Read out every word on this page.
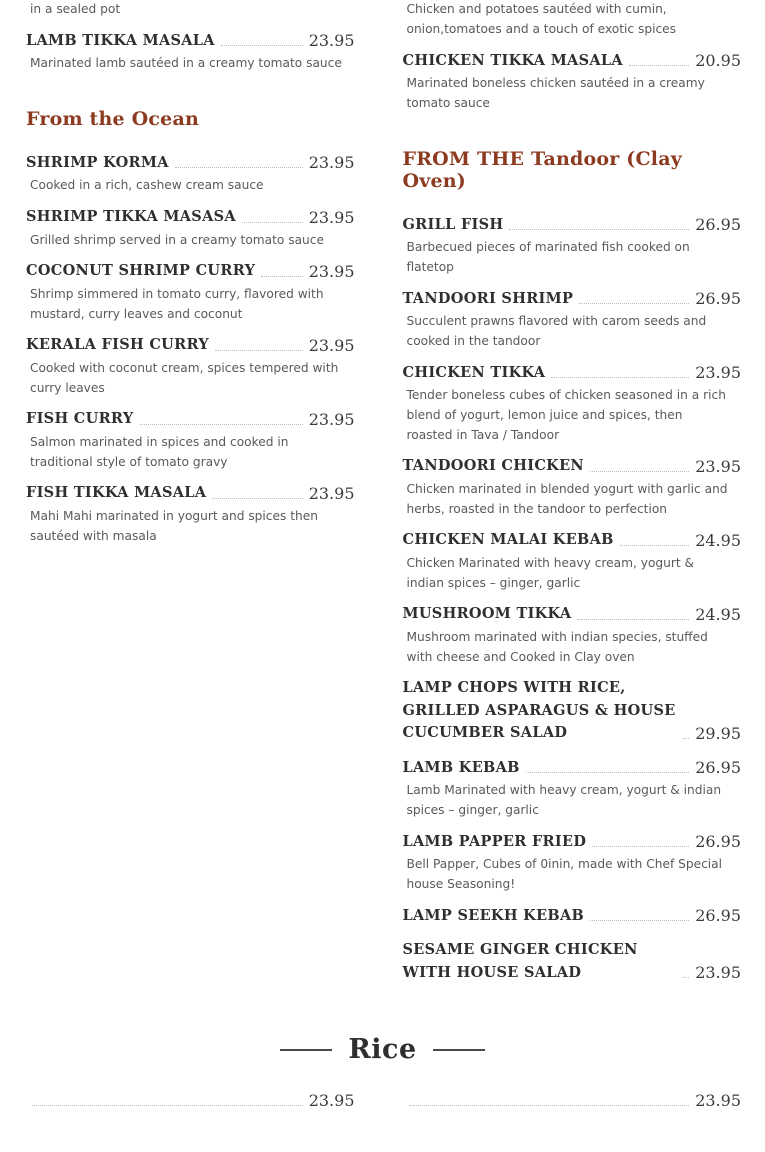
in a sealed pot
LAMB TIKKA MASALA	23.95
Marinated lamb sautéed in a creamy tomato sauce
From the Ocean
SHRIMP KORMA	23.95
Cooked in a rich, cashew cream sauce
SHRIMP TIKKA MASASA	23.95
Grilled shrimp served in a creamy tomato sauce
COCONUT SHRIMP CURRY	23.95
Shrimp simmered in tomato curry, flavored with mustard, curry leaves and coconut
KERALA FISH CURRY	23.95
Cooked with coconut cream, spices tempered with curry leaves
FISH CURRY	23.95
Salmon marinated in spices and cooked in traditional style of tomato gravy
FISH TIKKA MASALA	23.95
Mahi Mahi marinated in yogurt and spices then sautéed with masala
Chicken and potatoes sautéed with cumin, onion,tomatoes and a touch of exotic spices
CHICKEN TIKKA MASALA	20.95
Marinated boneless chicken sautéed in a creamy tomato sauce
FROM THE Tandoor (Clay Oven)
GRILL FISH	26.95
Barbecued pieces of marinated fish cooked on flatetop
TANDOORI SHRIMP	26.95
Succulent prawns flavored with carom seeds and cooked in the tandoor
CHICKEN TIKKA	23.95
Tender boneless cubes of chicken seasoned in a rich blend of yogurt, lemon juice and spices, then roasted in Tava / Tandoor
TANDOORI CHICKEN	23.95
Chicken marinated in blended yogurt with garlic and herbs, roasted in the tandoor to perfection
CHICKEN MALAI KEBAB	24.95
Chicken Marinated with heavy cream, yogurt & indian spices – ginger, garlic
MUSHROOM TIKKA	24.95
Mushroom marinated with indian species, stuffed with cheese and Cooked in Clay oven
LAMP CHOPS WITH RICE, GRILLED ASPARAGUS & HOUSE CUCUMBER SALAD	29.95
LAMB KEBAB	26.95
Lamb Marinated with heavy cream, yogurt & indian spices – ginger, garlic
LAMB PAPPER FRIED	26.95
Bell Papper, Cubes of 0inin, made with Chef Special house Seasoning!
LAMP SEEKH KEBAB	26.95
SESAME GINGER CHICKEN WITH HOUSE SALAD	23.95
Rice
23.95	23.95
